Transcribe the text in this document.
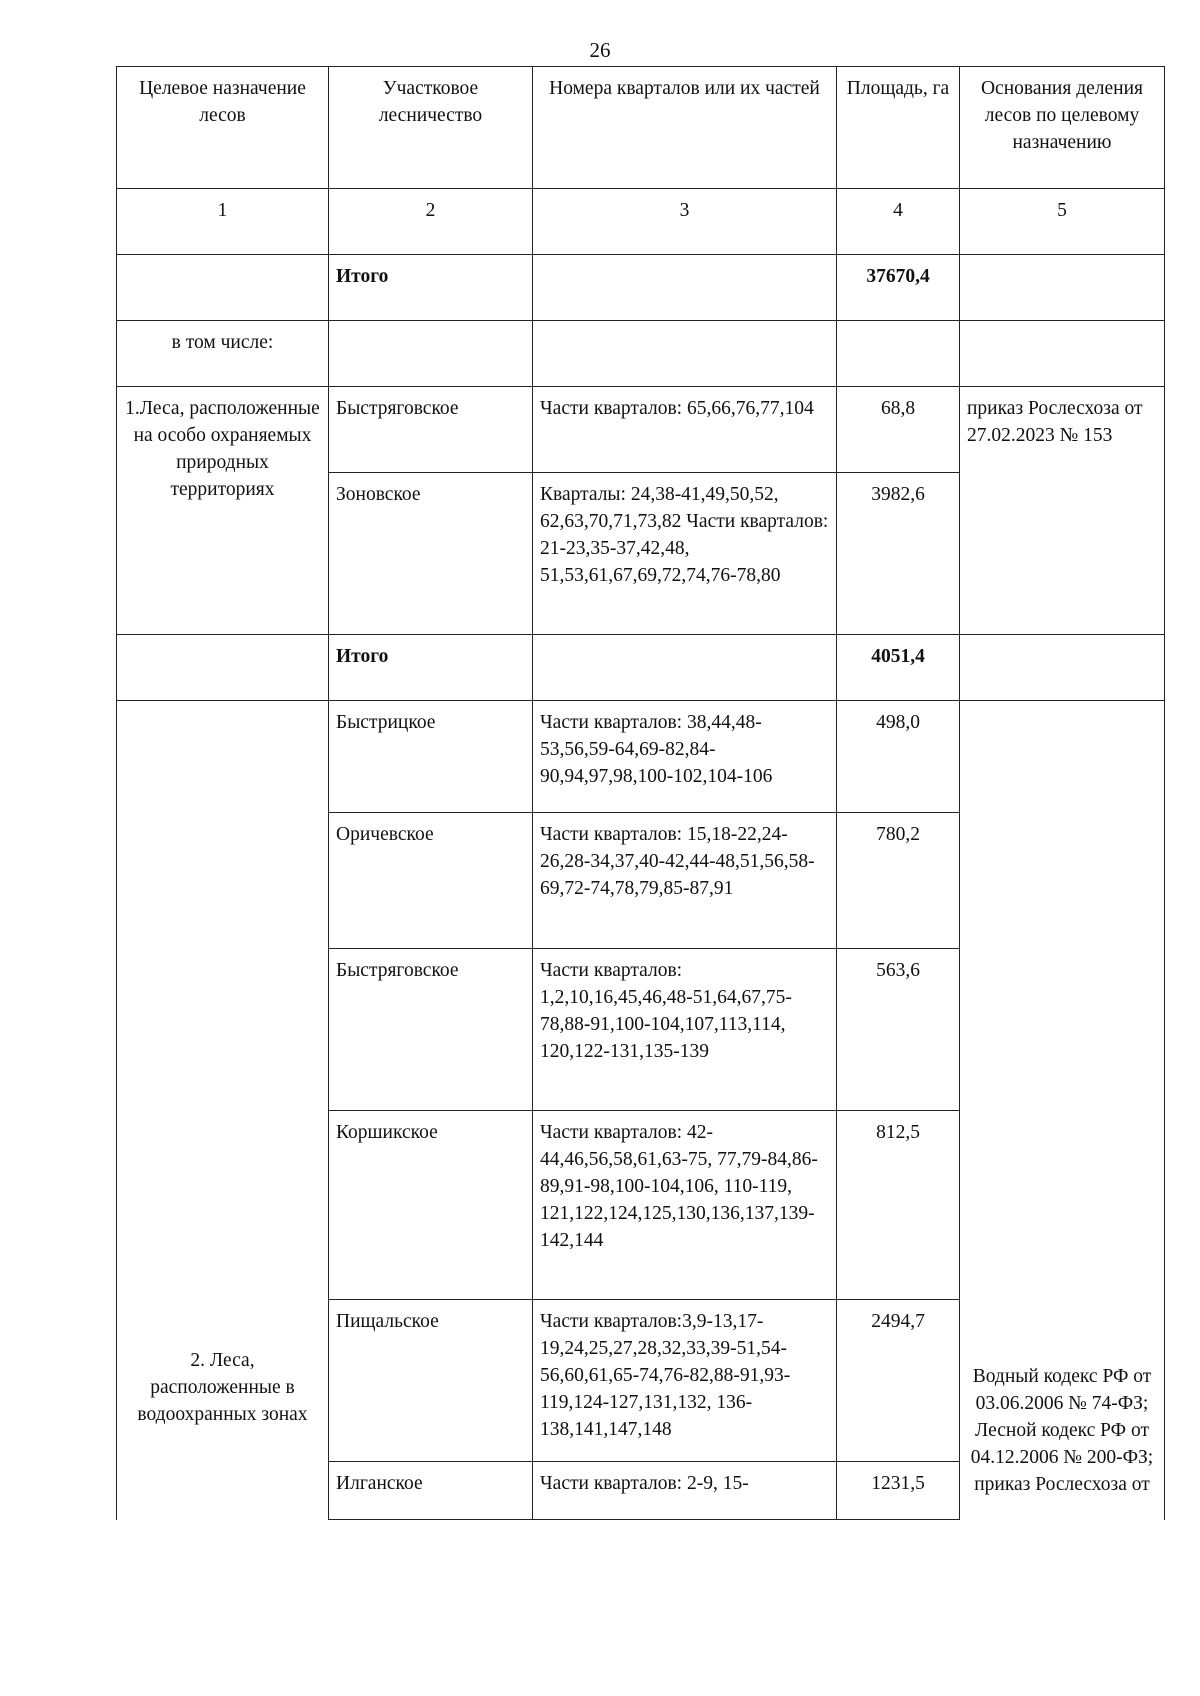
26
Целевое назначение лесов	Участковое лесничество	Номера кварталов или их частей	Площадь, га	Основания деления лесов по целевому назначению
1	2	3	4	5
	Итого		37670,4	
в том числе:				
1.Леса, расположенные на особо охраняемых природных территориях	Быстряговское	Части кварталов: 65,66,76,77,104	68,8	приказ Рослесхоза от 27.02.2023 № 153
	Зоновское	Кварталы: 24,38-41,49,50,52, 62,63,70,71,73,82 Части кварталов: 21-23,35-37,42,48, 51,53,61,67,69,72,74,76-78,80	3982,6	
	Итого		4051,4	
2. Леса, расположенные в водоохранных зонах	Быстрицкое	Части кварталов: 38,44,48-53,56,59-64,69-82,84-90,94,97,98,100-102,104-106	498,0	Водный кодекс РФ от 03.06.2006 № 74-ФЗ; Лесной кодекс РФ от 04.12.2006 № 200-ФЗ; приказ Рослесхоза от
	Оричевское	Части кварталов: 15,18-22,24-26,28-34,37,40-42,44-48,51,56,58-69,72-74,78,79,85-87,91	780,2	
	Быстряговское	Части кварталов: 1,2,10,16,45,46,48-51,64,67,75-78,88-91,100-104,107,113,114, 120,122-131,135-139	563,6	
	Коршикское	Части кварталов: 42-44,46,56,58,61,63-75, 77,79-84,86-89,91-98,100-104,106, 110-119, 121,122,124,125,130,136,137,139-142,144	812,5	
	Пищальское	Части кварталов:3,9-13,17-19,24,25,27,28,32,33,39-51,54-56,60,61,65-74,76-82,88-91,93-119,124-127,131,132, 136-138,141,147,148	2494,7	
	Илганское	Части кварталов: 2-9, 15-	1231,5	
